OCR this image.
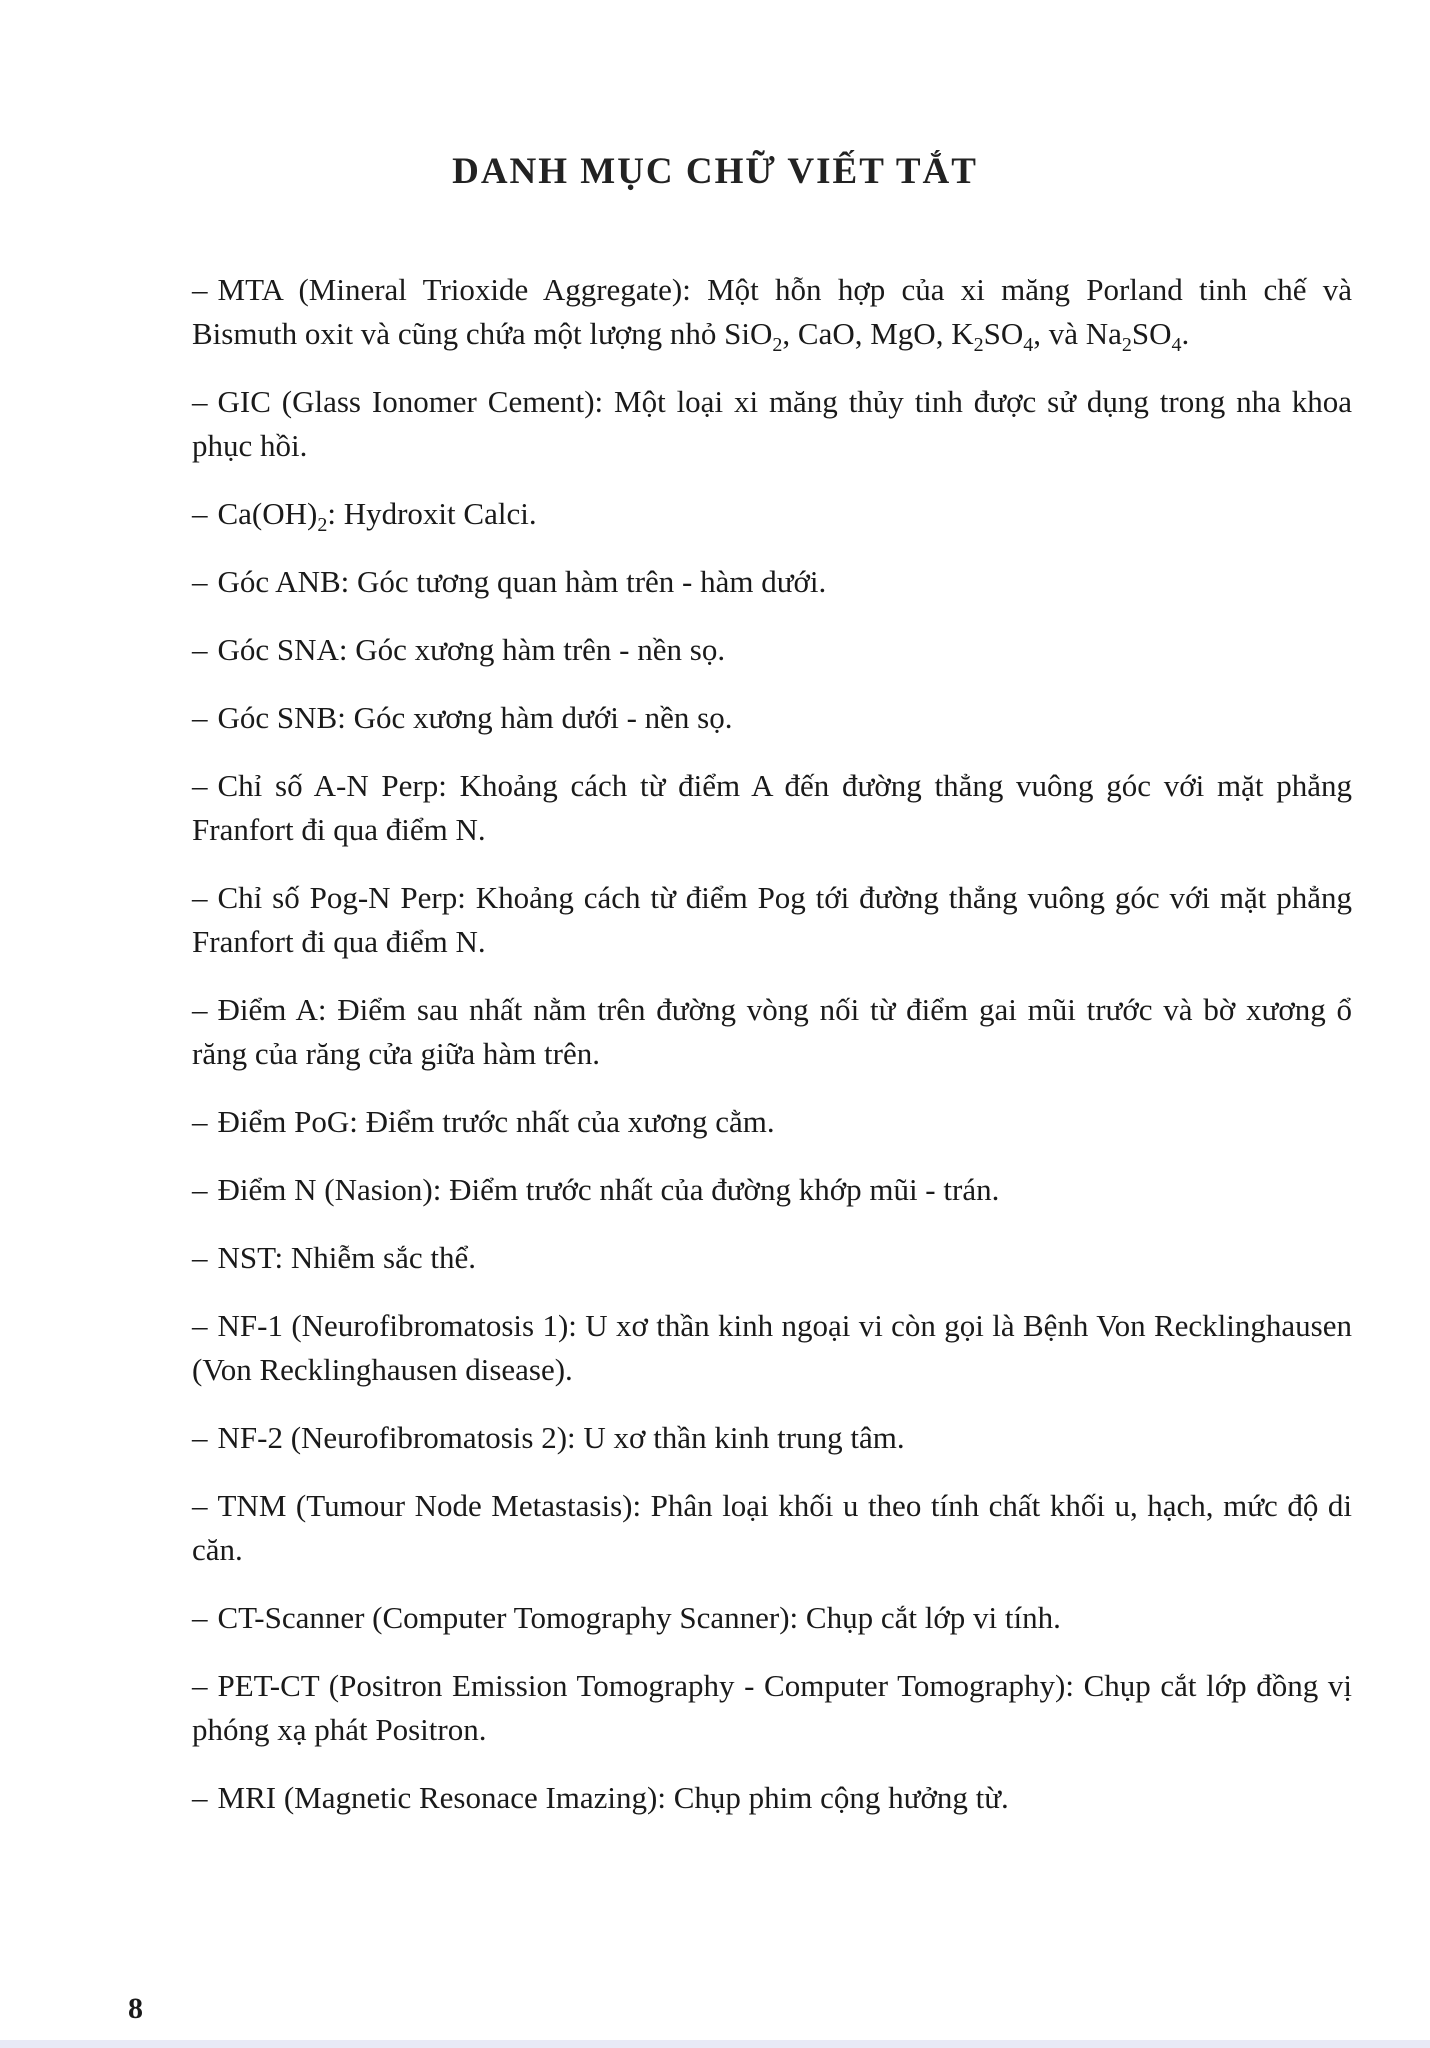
DANH MỤC CHỮ VIẾT TẮT
– MTA (Mineral Trioxide Aggregate): Một hỗn hợp của xi măng Porland tinh chế và Bismuth oxit và cũng chứa một lượng nhỏ SiO$_2$, CaO, MgO, $K_2SO_4$, và $Na_2SO_4$.
– GIC (Glass Ionomer Cement): Một loại xi măng thủy tinh được sử dụng trong nha khoa phục hồi.
– $Ca(OH)_2$: Hydroxit Calci.
– Góc ANB: Góc tương quan hàm trên - hàm dưới.
– Góc SNA: Góc xương hàm trên - nền sọ.
– Góc SNB: Góc xương hàm dưới - nền sọ.
– Chỉ số A-N Perp: Khoảng cách từ điểm A đến đường thẳng vuông góc với mặt phẳng Franfort đi qua điểm N.
– Chỉ số Pog-N Perp: Khoảng cách từ điểm Pog tới đường thẳng vuông góc với mặt phẳng Franfort đi qua điểm N.
– Điểm A: Điểm sau nhất nằm trên đường vòng nối từ điểm gai mũi trước và bờ xương ổ răng của răng cửa giữa hàm trên.
– Điểm PoG: Điểm trước nhất của xương cằm.
– Điểm N (Nasion): Điểm trước nhất của đường khớp mũi - trán.
– NST: Nhiễm sắc thể.
– NF-1 (Neurofibromatosis 1): U xơ thần kinh ngoại vi còn gọi là Bệnh Von Recklinghausen (Von Recklinghausen disease).
– NF-2 (Neurofibromatosis 2): U xơ thần kinh trung tâm.
– TNM (Tumour Node Metastasis): Phân loại khối u theo tính chất khối u, hạch, mức độ di căn.
– CT-Scanner (Computer Tomography Scanner): Chụp cắt lớp vi tính.
– PET-CT (Positron Emission Tomography - Computer Tomography): Chụp cắt lớp đồng vị phóng xạ phát Positron.
– MRI (Magnetic Resonace Imazing): Chụp phim cộng hưởng từ.
8
